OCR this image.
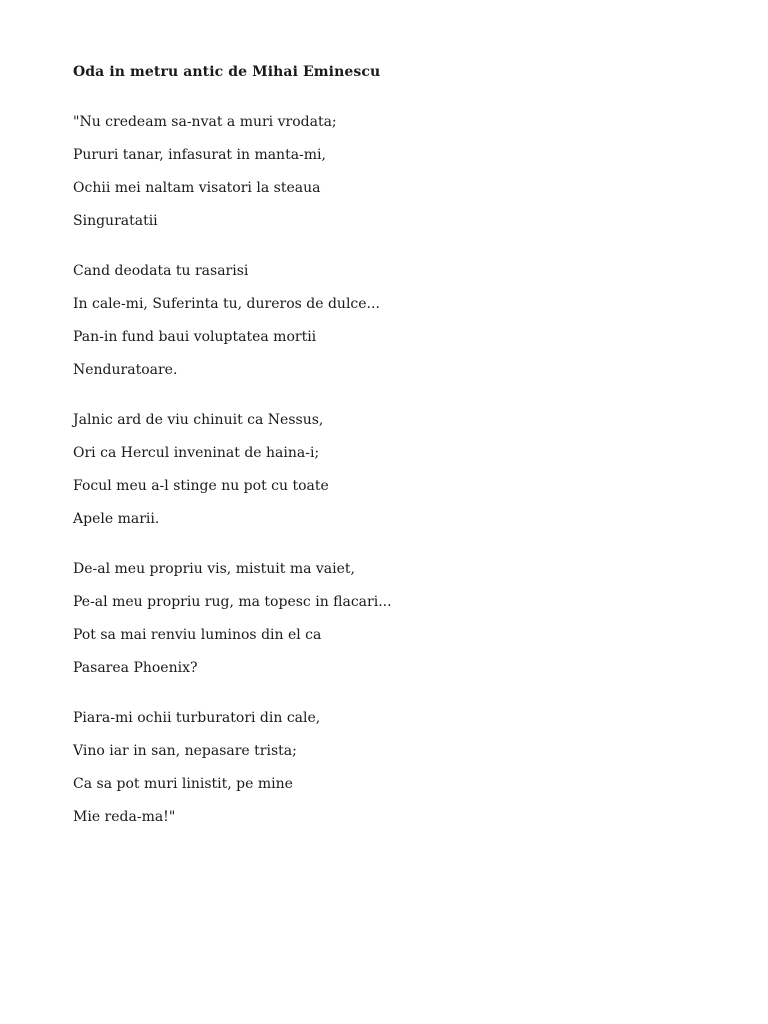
Oda in metru antic de Mihai Eminescu
"Nu credeam sa-nvat a muri vrodata;
Pururi tanar, infasurat in manta-mi,
Ochii mei naltam visatori la steaua
Singuratatii
Cand deodata tu rasarisi
In cale-mi, Suferinta tu, dureros de dulce...
Pan-in fund baui voluptatea mortii
Nenduratoare.
Jalnic ard de viu chinuit ca Nessus,
Ori ca Hercul inveninat de haina-i;
Focul meu a-l stinge nu pot cu toate
Apele marii.
De-al meu propriu vis, mistuit ma vaiet,
Pe-al meu propriu rug, ma topesc in flacari...
Pot sa mai renviu luminos din el ca
Pasarea Phoenix?
Piara-mi ochii turburatori din cale,
Vino iar in san, nepasare trista;
Ca sa pot muri linistit, pe mine
Mie reda-ma!"
